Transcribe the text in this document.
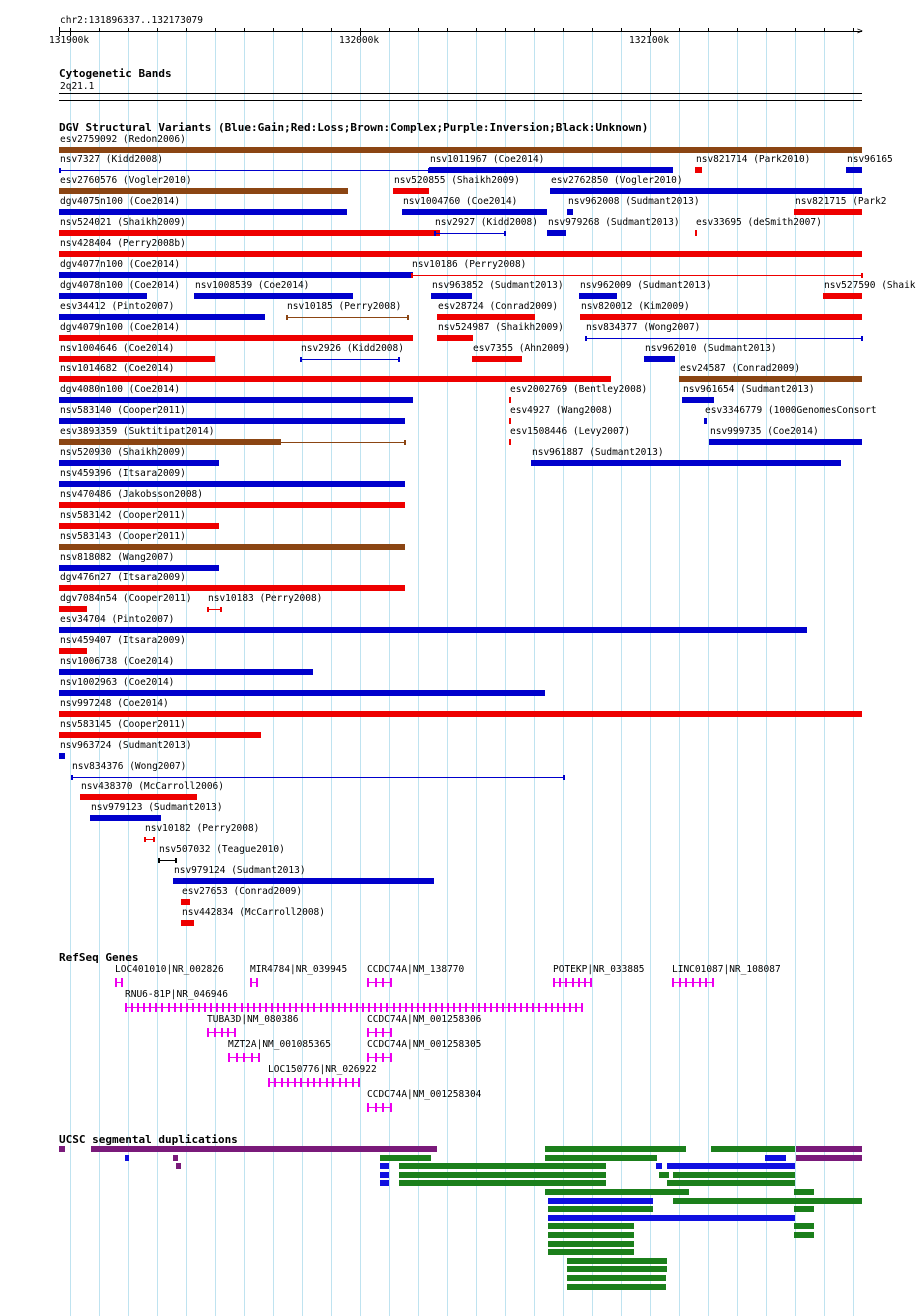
chr2:131896337..132173079
>
131900k	132000k	132100k
Cytogenetic Bands
2q21.1
DGV Structural Variants (Blue:Gain;Red:Loss;Brown:Complex;Purple:Inversion;Black:Unknown)
esv2759092 (Redon2006)
nsv7327 (Kidd2008)	nsv1011967 (Coe2014)	nsv821714 (Park2010)	nsv96165
esv2760576 (Vogler2010)	nsv520855 (Shaikh2009)	esv2762850 (Vogler2010)
dgv4075n100 (Coe2014)	nsv1004760 (Coe2014)	nsv962008 (Sudmant2013)	nsv821715 (Park2
nsv524021 (Shaikh2009)	nsv2927 (Kidd2008) nsv979268 (Sudmant2013) esv33695 (deSmith2007)
nsv428404 (Perry2008b)
dgv4077n100 (Coe2014)	nsv10186 (Perry2008)
dgv4078n100 (Coe2014) nsv1008539 (Coe2014)	nsv963852 (Sudmant2013) nsv962009 (Sudmant2013)	nsv527590 (Shaik
esv34412 (Pinto2007)	nsv10185 (Perry2008)	esv28724 (Conrad2009) nsv820012 (Kim2009)
dgv4079n100 (Coe2014)	nsv524987 (Shaikh2009) nsv834377 (Wong2007)
nsv1004646 (Coe2014)	nsv2926 (Kidd2008)	esv7355 (Ahn2009)	nsv962010 (Sudmant2013)
nsv1014682 (Coe2014)	esv24587 (Conrad2009)
dgv4080n100 (Coe2014)	esv2002769 (Bentley2008)	nsv961654 (Sudmant2013)
nsv583140 (Cooper2011)	esv4927 (Wang2008)	esv3346779 (1000GenomesConsort
esv3893359 (Suktitipat2014)	esv1508446 (Levy2007)	nsv999735 (Coe2014)
nsv520930 (Shaikh2009)	nsv961887 (Sudmant2013)
nsv459396 (Itsara2009)
nsv470486 (Jakobsson2008)
nsv583142 (Cooper2011)
nsv583143 (Cooper2011)
nsv818082 (Wang2007)
dgv476n27 (Itsara2009)
dgv7084n54 (Cooper2011) nsv10183 (Perry2008)
esv34704 (Pinto2007)
nsv459407 (Itsara2009)
nsv1006738 (Coe2014)
nsv1002963 (Coe2014)
nsv997248 (Coe2014)
nsv583145 (Cooper2011)
nsv963724 (Sudmant2013)
nsv834376 (Wong2007)
nsv438370 (McCarroll2006)
nsv979123 (Sudmant2013)
nsv10182 (Perry2008)
nsv507032 (Teague2010)
nsv979124 (Sudmant2013)
esv27653 (Conrad2009)
nsv442834 (McCarroll2008)
RefSeq Genes
LOC401010|NR_002826	MIR4784|NR_039945 CCDC74A|NM_138770	POTEKP|NR_033885	LINC01087|NR_108087
RNU6-81P|NR_046946
TUBA3D|NM_080386	CCDC74A|NM_001258306
MZT2A|NM_001085365	CCDC74A|NM_001258305
LOC150776|NR_026922
CCDC74A|NM_001258304
UCSC segmental duplications
